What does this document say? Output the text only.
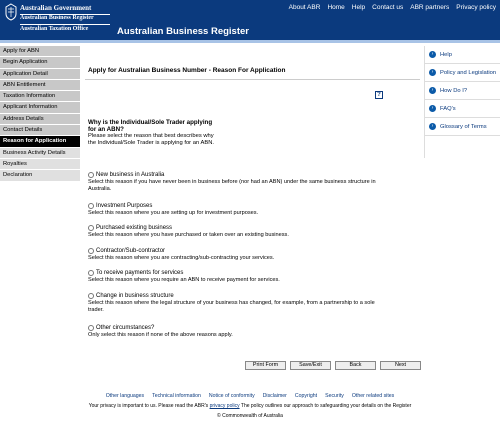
Australian Government
Australian Business Register
Australian Taxation Office	Australian Business Register
About ABR Home Help Contact us ABR partners Privacy policy
Apply for ABN
Begin Application
Application Detail
ABN Entitlement
Taxation Information
Applicant Information
Address Details
Contact Details
Reason for Application
Business Activity Details
Royalties
Declaration
Apply for Australian Business Number - Reason For Application
?
Why is the Individual/Sole Trader applying for an ABN?
Please select the reason that best describes why the Individual/Sole Trader is applying for an ABN.
New business in Australia
Select this reason if you have never been in business before (nor had an ABN) under the same business structure in Australia.
Investment Purposes
Select this reason where you are setting up for investment purposes.
Purchased existing business
Select this reason where you have purchased or taken over an existing business.
Contractor/Sub-contractor
Select this reason where you are contracting/sub-contracting your services.
To receive payments for services
Select this reason where you require an ABN to receive payment for services.
Change in business structure
Select this reason where the legal structure of your business has changed, for example, from a partnership to a sole trader.
Other circumstances?
Only select this reason if none of the above reasons apply.
Print Form	Save/Exit	Back	Next
›	Help
›	Policy and Legislation
›	How Do I?
›	FAQ's
›	Glossary of Terms
Other languages Technical information Notice of conformity Disclaimer Copyright Security Other related sites
Your privacy is important to us. Please read the ABR's privacy policy The policy outlines our approach to safeguarding your details on the Register
© Commonwealth of Australia
